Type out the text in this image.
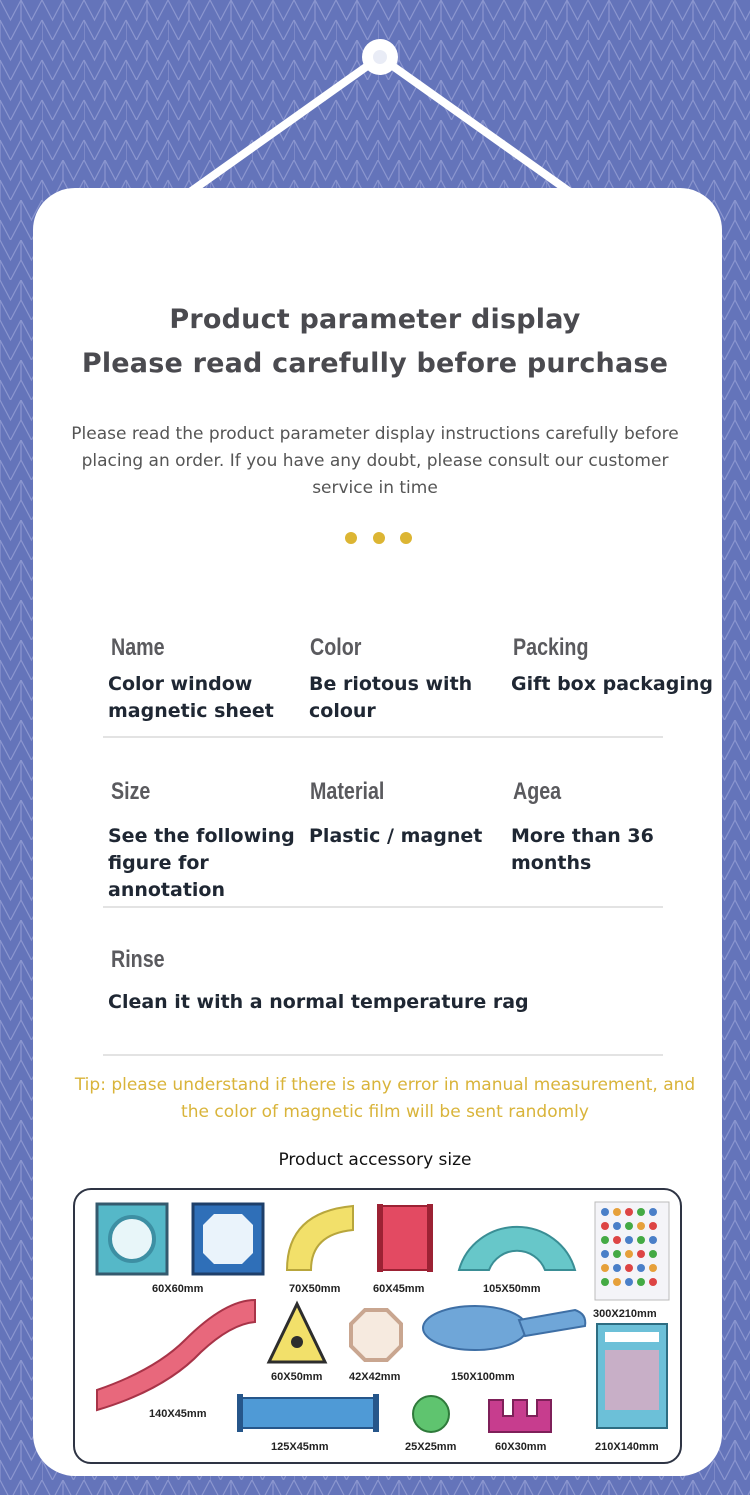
Product parameter display
Please read carefully before purchase
Please read the product parameter display instructions carefully before placing an order. If you have any doubt, please consult our customer service in time
Name
Color window magnetic sheet
Color
Be riotous with colour
Packing
Gift box packaging
Size
See the following figure for annotation
Material
Plastic / magnet
Agea
More than 36 months
Rinse
Clean it with a normal temperature rag
Tip: please understand if there is any error in manual measurement, and the color of magnetic film will be sent randomly
Product accessory size
60X60mm	70X50mm	60X45mm	105X50mm
300X210mm
140X45mm
60X50mm 42X42mm	150X100mm
125X45mm	25X25mm	60X30mm	210X140mm
